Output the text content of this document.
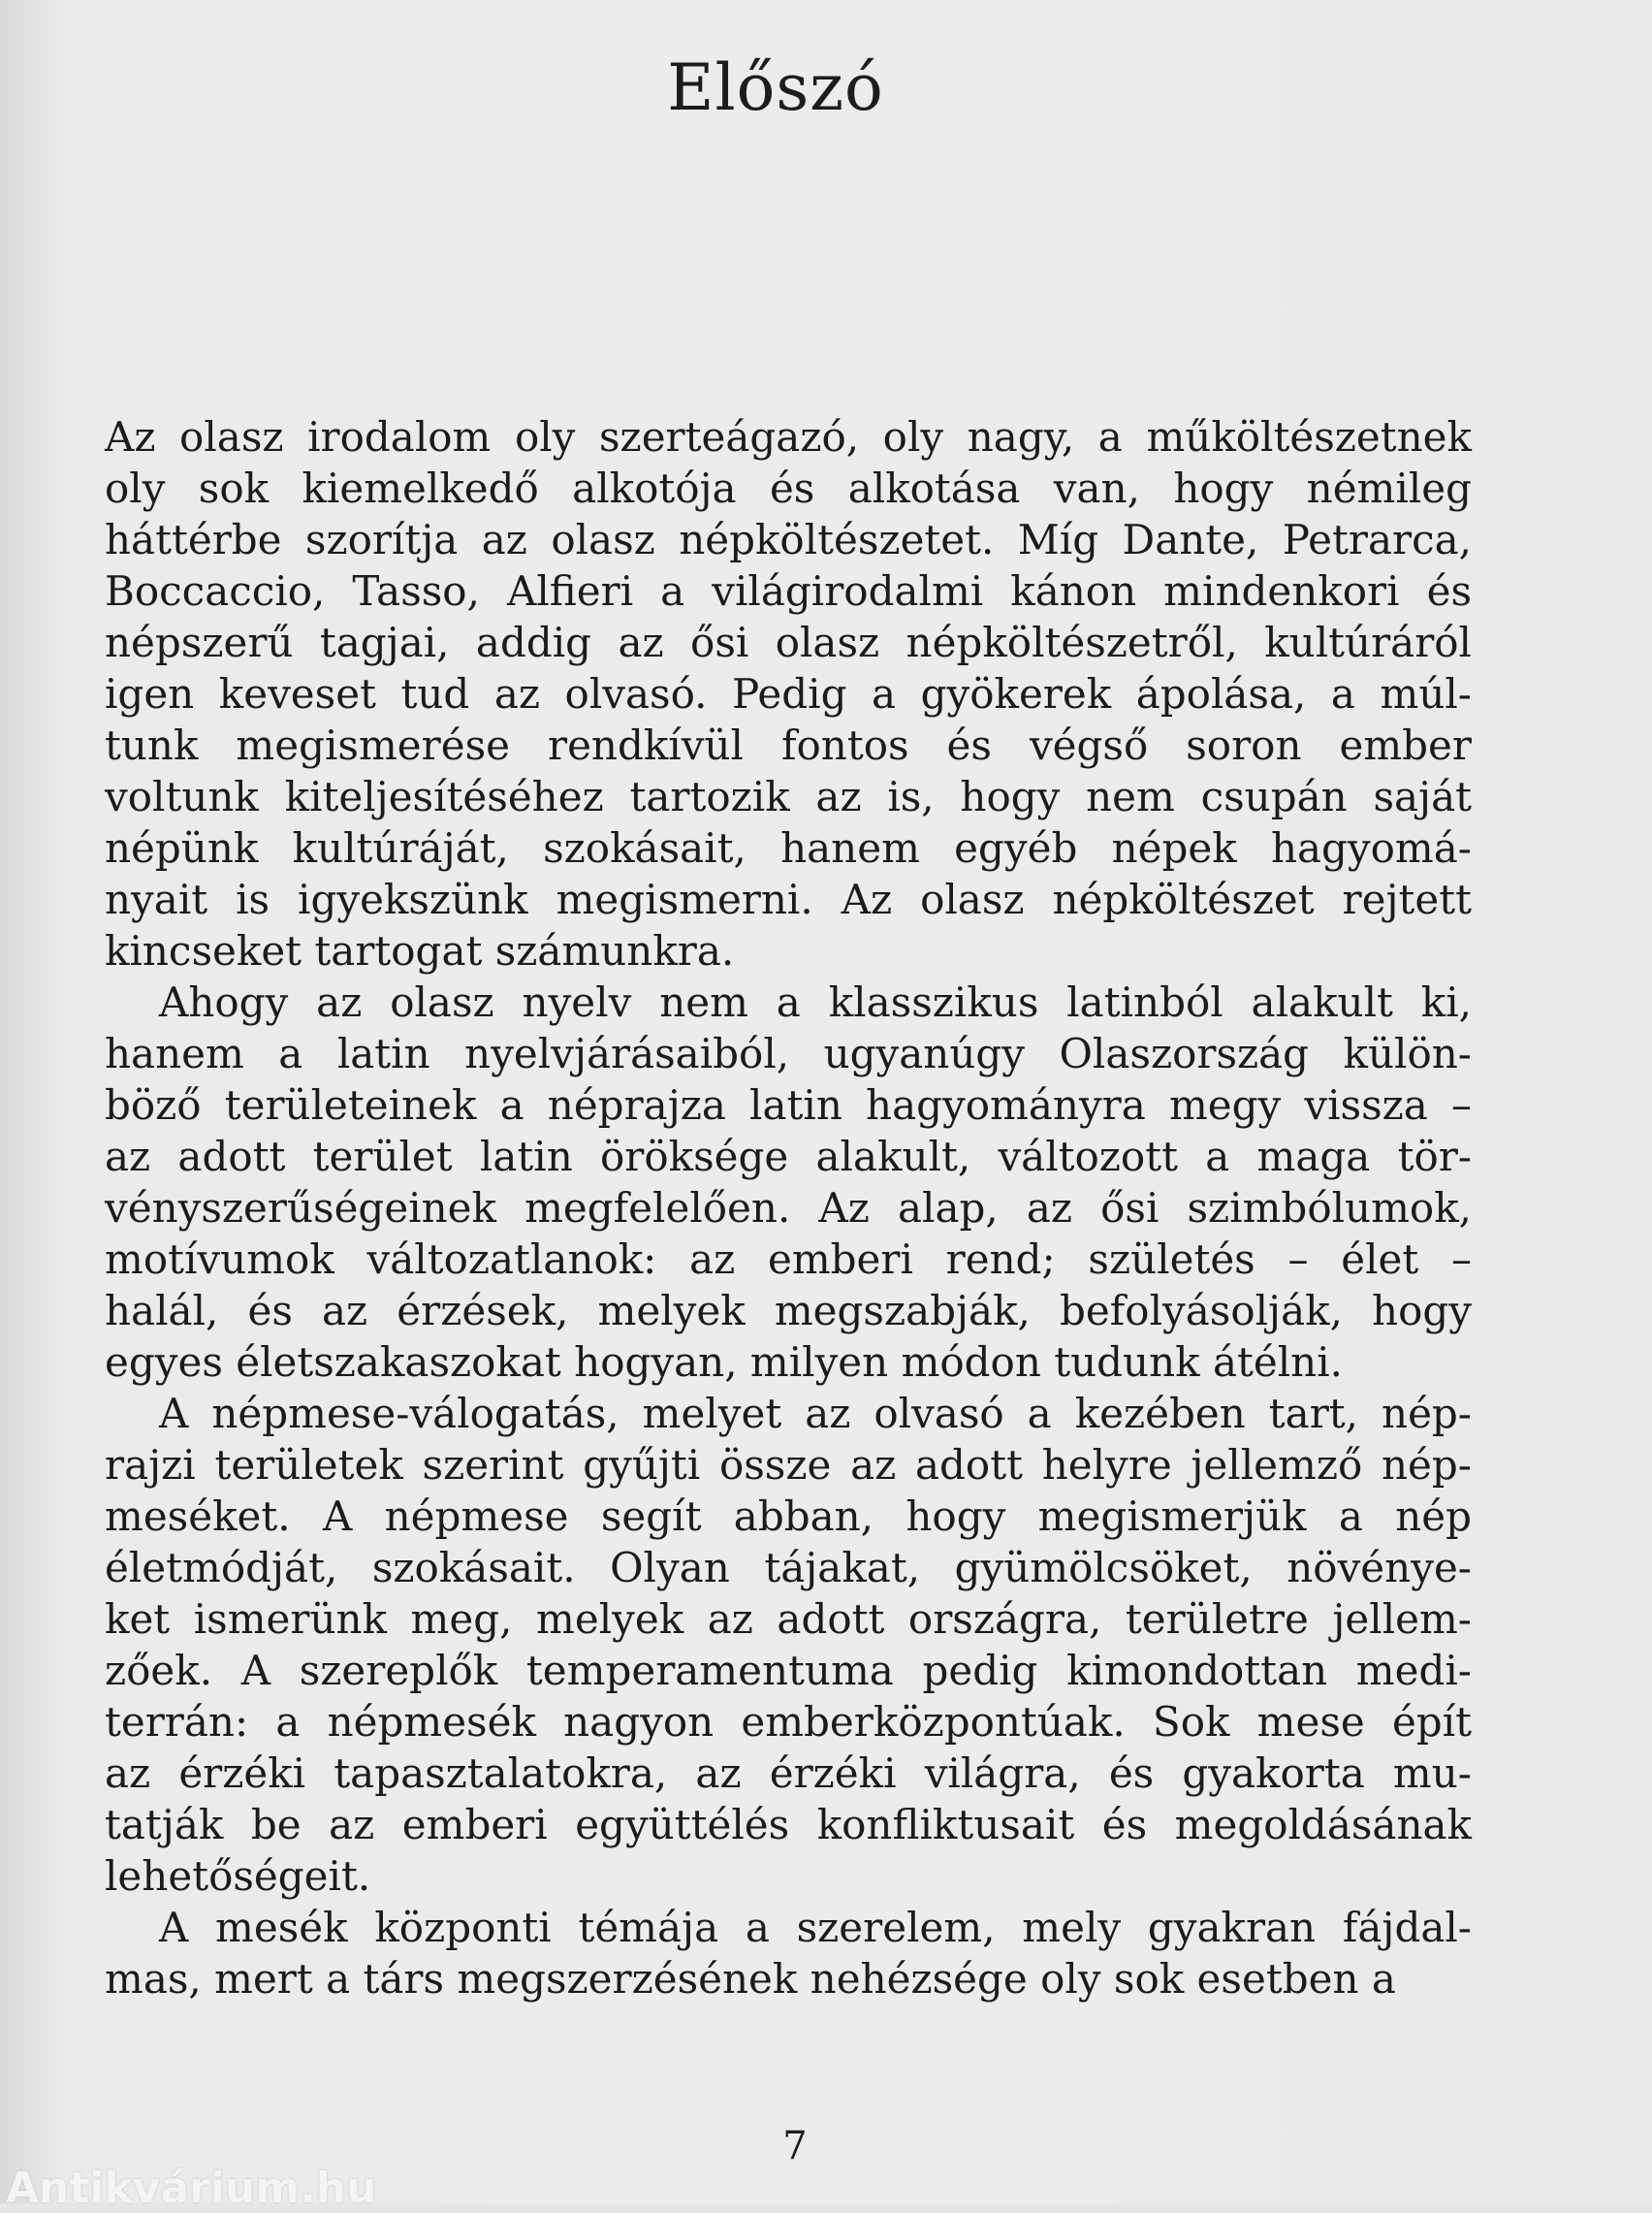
Előszó

Az olasz irodalom oly szerteágazó, oly nagy, a műköltészetnek
oly sok kiemelkedő alkotója és alkotása van, hogy némileg
háttérbe szorítja az olasz népköltészetet. Míg Dante, Petrarca,
Boccaccio, Tasso, Alfieri a világirodalmi kánon mindenkori és
népszerű tagjai, addig az ősi olasz népköltészetről, kultúráról
igen keveset tud az olvasó. Pedig a gyökerek ápolása, a múl-
tunk megismerése rendkívül fontos és végső soron ember
voltunk kiteljesítéséhez tartozik az is, hogy nem csupán saját
népünk kultúráját, szokásait, hanem egyéb népek hagyomá-
nyait is igyekszünk megismerni. Az olasz népköltészet rejtett
kincseket tartogat számunkra.

Ahogy az olasz nyelv nem a klasszikus latinból alakult ki,
hanem a latin nyelvjárásaiból, ugyanúgy Olaszország külön-
böző területeinek a néprajza latin hagyományra megy vissza –
az adott terület latin öröksége alakult, változott a maga tör-
vényszerűségeinek megfelelően. Az alap, az ősi szimbólumok,
motívumok változatlanok: az emberi rend; születés – élet –
halál, és az érzések, melyek megszabják, befolyásolják, hogy
egyes életszakaszokat hogyan, milyen módon tudunk átélni.

A népmese-válogatás, melyet az olvasó a kezében tart, nép-
rajzi területek szerint gyűjti össze az adott helyre jellemző nép-
meséket. A népmese segít abban, hogy megismerjük a nép
életmódját, szokásait. Olyan tájakat, gyümölcsöket, növénye-
ket ismerünk meg, melyek az adott országra, területre jellem-
zőek. A szereplők temperamentuma pedig kimondottan medi-
terrán: a népmesék nagyon emberközpontúak. Sok mese épít
az érzéki tapasztalatokra, az érzéki világra, és gyakorta mu-
tatják be az emberi együttélés konfliktusait és megoldásának
lehetőségeit.

A mesék központi témája a szerelem, mely gyakran fájdal-
mas, mert a társ megszerzésének nehézsége oly sok esetben a

7
Antikvárium.hu
